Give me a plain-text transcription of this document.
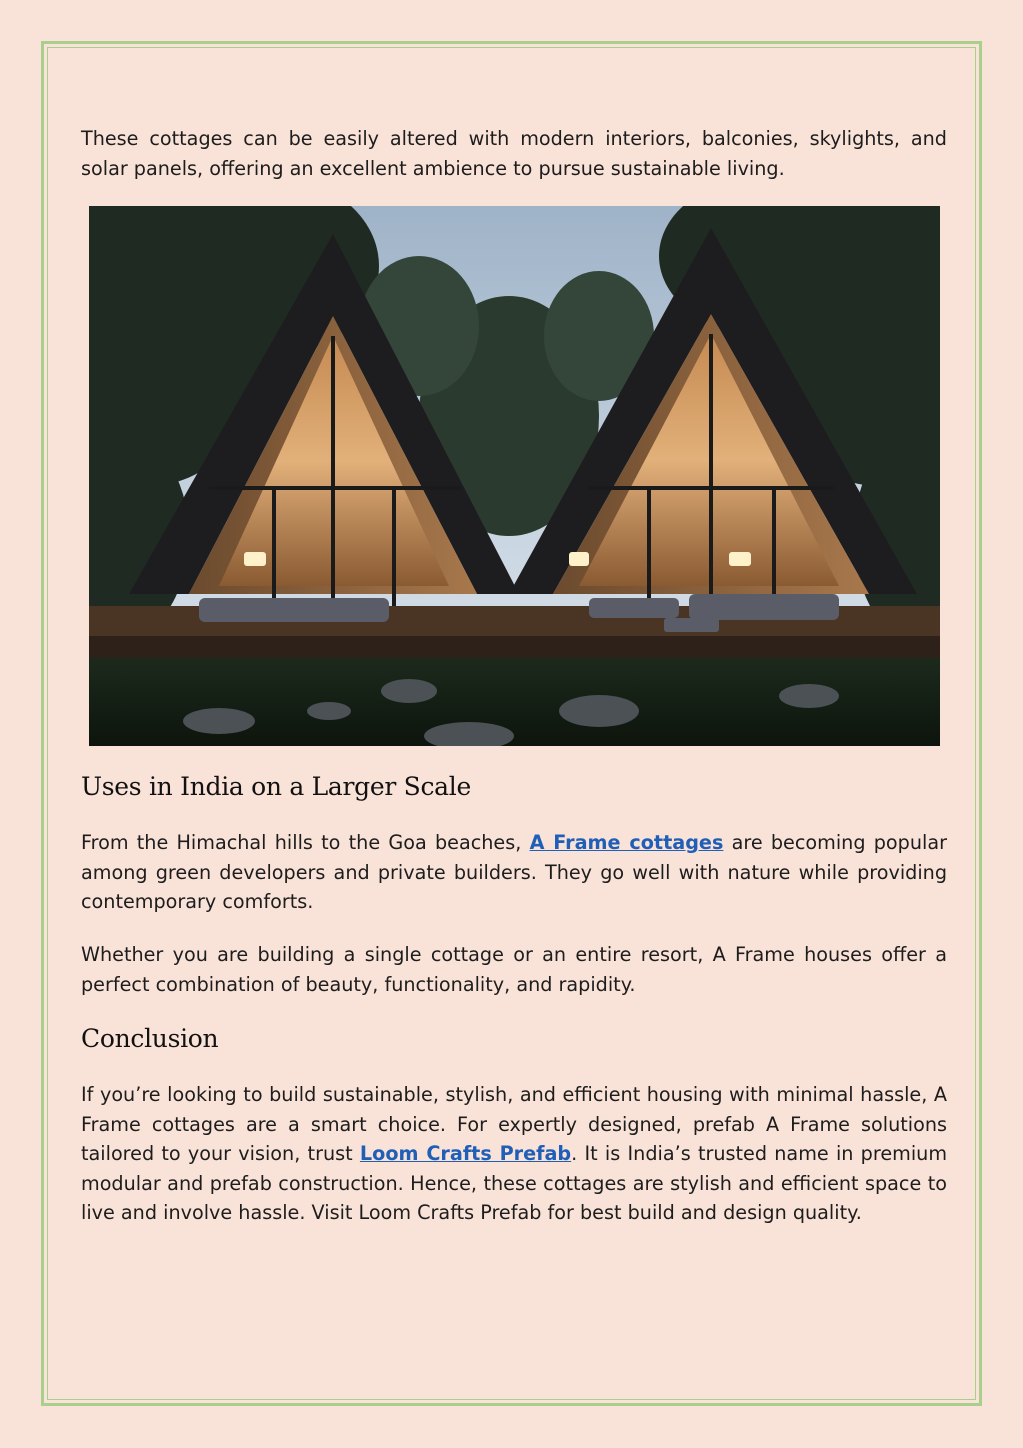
These cottages can be easily altered with modern interiors, balconies, skylights, and solar panels, offering an excellent ambience to pursue sustainable living.

Uses in India on a Larger Scale

From the Himachal hills to the Goa beaches, A Frame cottages are becoming popular among green developers and private builders. They go well with nature while providing contemporary comforts.

Whether you are building a single cottage or an entire resort, A Frame houses offer a perfect combination of beauty, functionality, and rapidity.

Conclusion

If you’re looking to build sustainable, stylish, and efficient housing with minimal hassle, A Frame cottages are a smart choice. For expertly designed, prefab A Frame solutions tailored to your vision, trust Loom Crafts Prefab. It is India’s trusted name in premium modular and prefab construction. Hence, these cottages are stylish and efficient space to live and involve hassle. Visit Loom Crafts Prefab for best build and design quality.
